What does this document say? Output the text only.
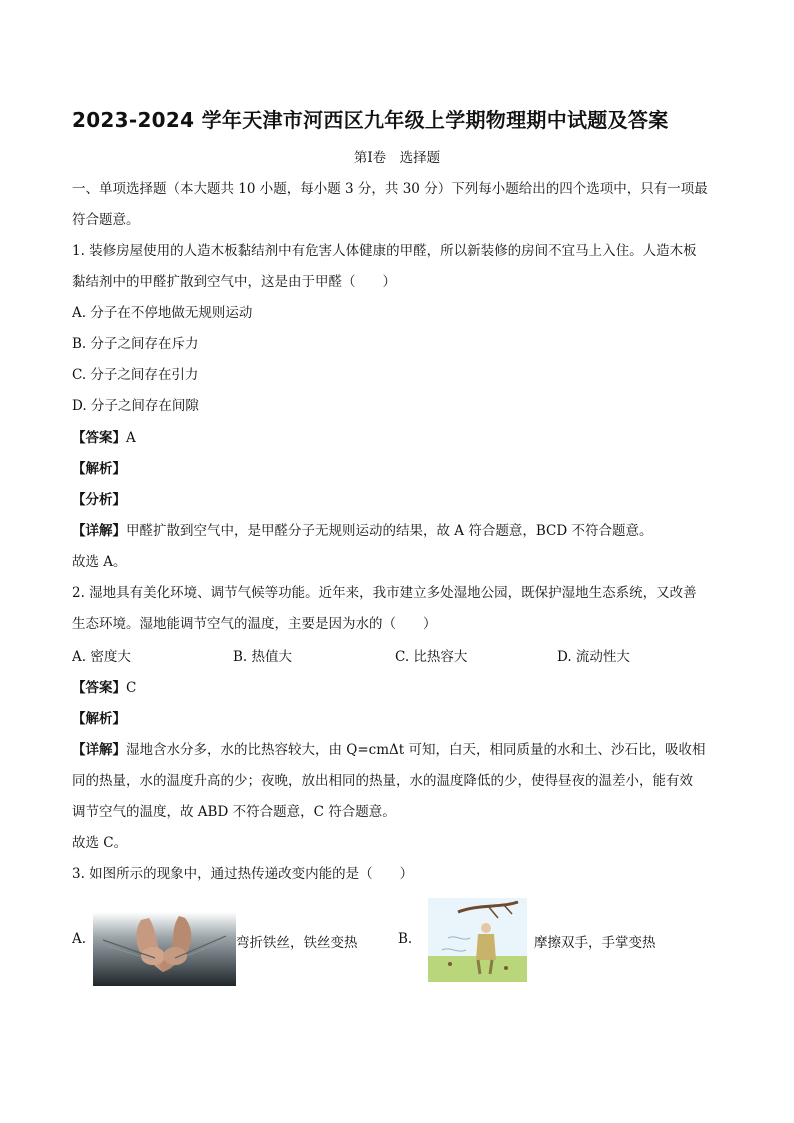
2023-2024 学年天津市河西区九年级上学期物理期中试题及答案
第Ⅰ卷　选择题
一、单项选择题（本大题共 10 小题，每小题 3 分，共 30 分）下列每小题给出的四个选项中，只有一项最
符合题意。
1. 装修房屋使用的人造木板黏结剂中有危害人体健康的甲醛，所以新装修的房间不宜马上入住。人造木板
黏结剂中的甲醛扩散到空气中，这是由于甲醛（　　）
A. 分子在不停地做无规则运动
B. 分子之间存在斥力
C. 分子之间存在引力
D. 分子之间存在间隙
【答案】A
【解析】
【分析】
【详解】甲醛扩散到空气中，是甲醛分子无规则运动的结果，故 A 符合题意，BCD 不符合题意。
故选 A。
2. 湿地具有美化环境、调节气候等功能。近年来，我市建立多处湿地公园，既保护湿地生态系统，又改善
生态环境。湿地能调节空气的温度，主要是因为水的（　　）
A. 密度大	B. 热值大	C. 比热容大	D. 流动性大
【答案】C
【解析】
【详解】湿地含水分多，水的比热容较大，由 Q=cmΔt 可知，白天，相同质量的水和土、沙石比，吸收相
同的热量，水的温度升高的少；夜晚，放出相同的热量，水的温度降低的少，使得昼夜的温差小，能有效
调节空气的温度，故 ABD 不符合题意，C 符合题意。
故选 C。
3. 如图所示的现象中，通过热传递改变内能的是（　　）
A.	弯折铁丝，铁丝变热	B.	摩擦双手，手掌变热
